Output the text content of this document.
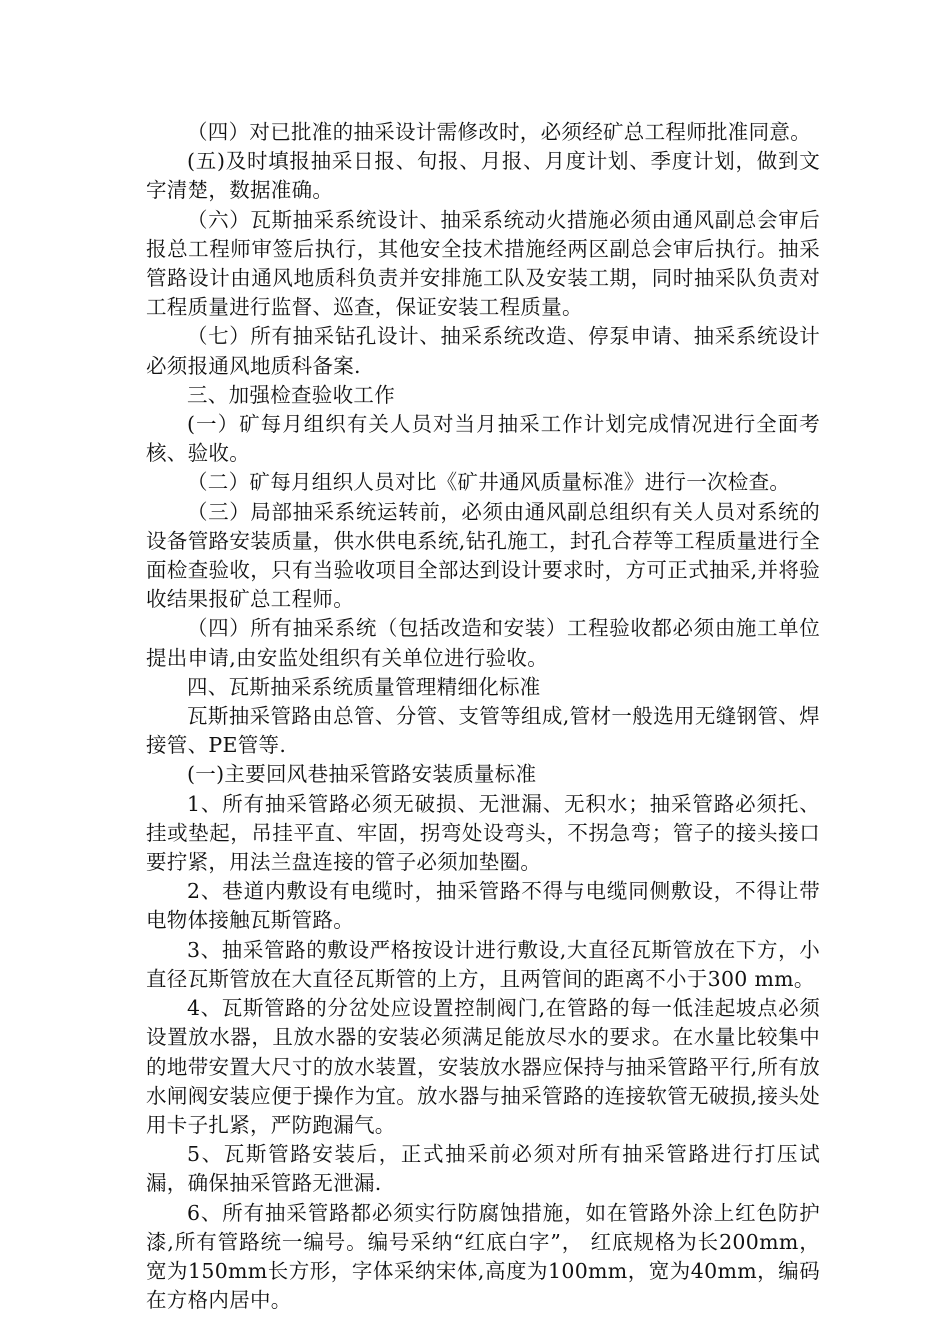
（四）对已批准的抽采设计需修改时，必须经矿总工程师批准同意。

(五)及时填报抽采日报、旬报、月报、月度计划、季度计划，做到文字清楚，数据准确。

（六）瓦斯抽采系统设计、抽采系统动火措施必须由通风副总会审后报总工程师审签后执行，其他安全技术措施经两区副总会审后执行。抽采管路设计由通风地质科负责并安排施工队及安装工期，同时抽采队负责对工程质量进行监督、巡查，保证安装工程质量。

（七）所有抽采钻孔设计、抽采系统改造、停泵申请、抽采系统设计必须报通风地质科备案.

三、加强检查验收工作

(一）矿每月组织有关人员对当月抽采工作计划完成情况进行全面考核、验收。

（二）矿每月组织人员对比《矿井通风质量标准》进行一次检查。

（三）局部抽采系统运转前，必须由通风副总组织有关人员对系统的设备管路安装质量，供水供电系统,钻孔施工，封孔合荐等工程质量进行全面检查验收，只有当验收项目全部达到设计要求时，方可正式抽采,并将验收结果报矿总工程师。

（四）所有抽采系统（包括改造和安装）工程验收都必须由施工单位提出申请,由安监处组织有关单位进行验收。

四、瓦斯抽采系统质量管理精细化标准

瓦斯抽采管路由总管、分管、支管等组成,管材一般选用无缝钢管、焊接管、PE管等.

(一)主要回风巷抽采管路安装质量标准

1、所有抽采管路必须无破损、无泄漏、无积水；抽采管路必须托、挂或垫起，吊挂平直、牢固，拐弯处设弯头，不拐急弯；管子的接头接口要拧紧，用法兰盘连接的管子必须加垫圈。

2、巷道内敷设有电缆时，抽采管路不得与电缆同侧敷设，不得让带电物体接触瓦斯管路。

3、抽采管路的敷设严格按设计进行敷设,大直径瓦斯管放在下方，小直径瓦斯管放在大直径瓦斯管的上方，且两管间的距离不小于300 mm。

4、瓦斯管路的分岔处应设置控制阀门,在管路的每一低洼起坡点必须设置放水器，且放水器的安装必须满足能放尽水的要求。在水量比较集中的地带安置大尺寸的放水装置，安装放水器应保持与抽采管路平行,所有放水闸阀安装应便于操作为宜。放水器与抽采管路的连接软管无破损,接头处用卡子扎紧，严防跑漏气。

5、瓦斯管路安装后，正式抽采前必须对所有抽采管路进行打压试漏，确保抽采管路无泄漏.

6、所有抽采管路都必须实行防腐蚀措施，如在管路外涂上红色防护漆,所有管路统一编号。编号采纳“红底白字”， 红底规格为长200mm，宽为150mm长方形，字体采纳宋体,高度为100mm，宽为40mm，编码在方格内居中。
